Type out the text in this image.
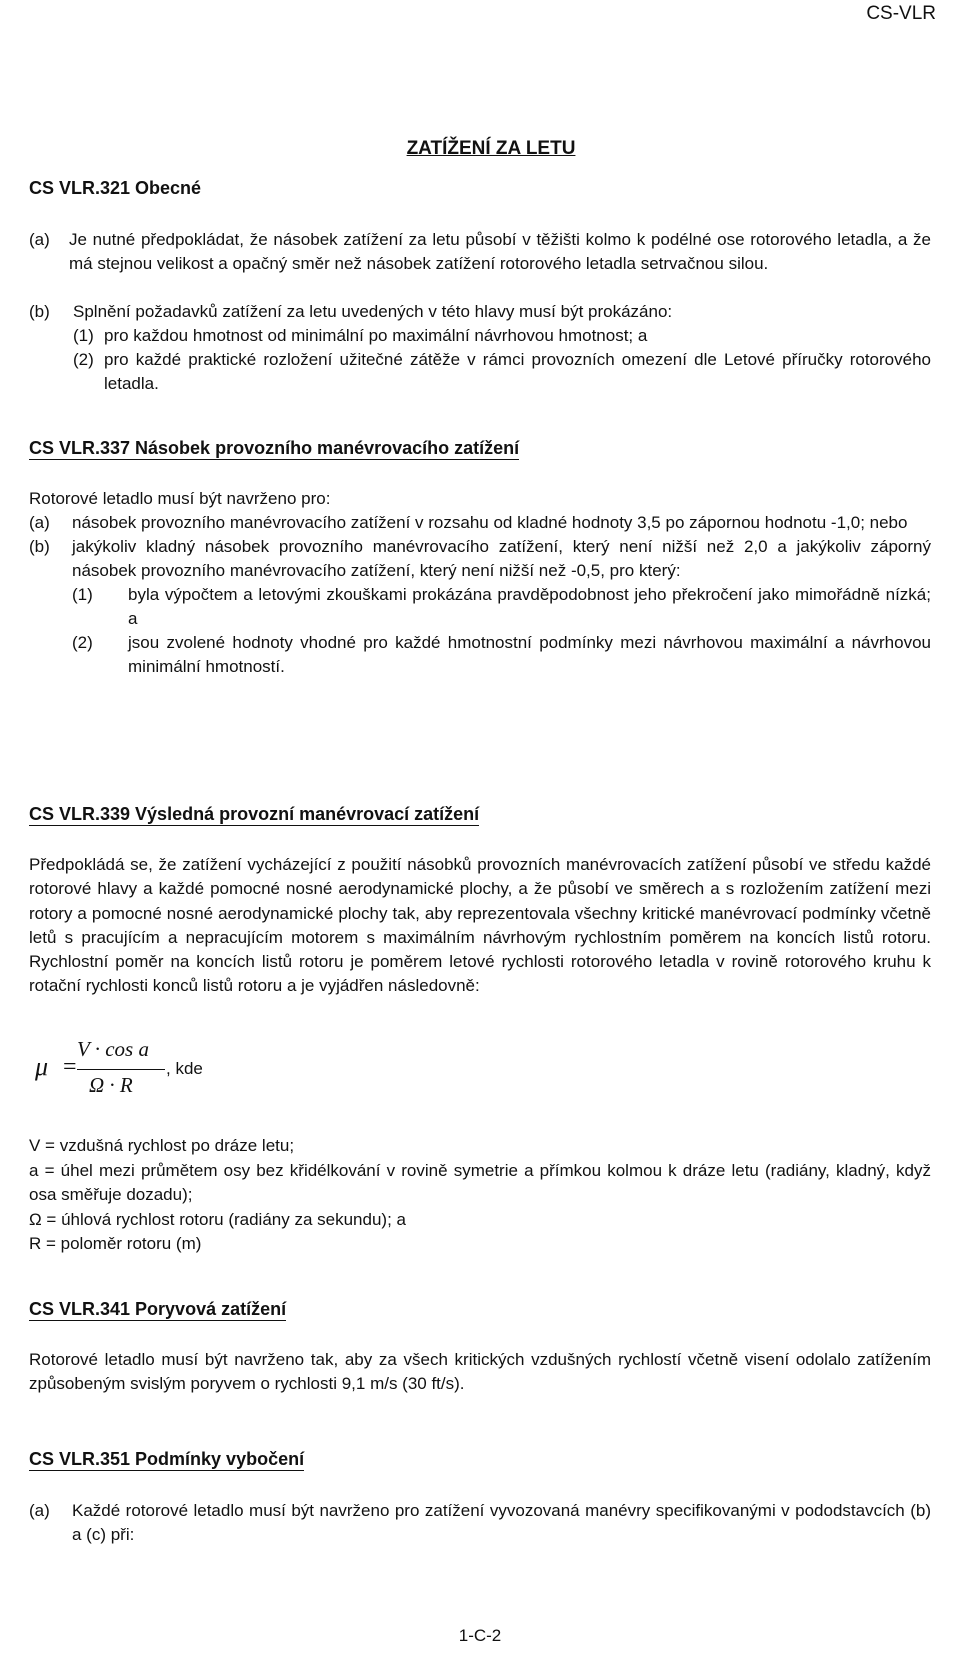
CS-VLR
ZATÍŽENÍ ZA LETU
CS VLR.321 Obecné
(a)	Je nutné předpokládat, že násobek zatížení za letu působí v těžišti kolmo k podélné ose rotorového letadla, a že má stejnou velikost a opačný směr než násobek zatížení rotorového letadla setrvačnou silou.
(b)	Splnění požadavků zatížení za letu uvedených v této hlavy musí být prokázáno:
(1) pro každou hmotnost od minimální po maximální návrhovou hmotnost; a
(2) pro každé praktické rozložení užitečné zátěže v rámci provozních omezení dle Letové příručky rotorového letadla.
CS VLR.337 Násobek provozního manévrovacího zatížení

Rotorové letadlo musí být navrženo pro:

(a)	násobek provozního manévrovacího zatížení v rozsahu od kladné hodnoty 3,5 po zápornou hodnotu -1,0; nebo
(b)	jakýkoliv kladný násobek provozního manévrovacího zatížení, který není nižší než 2,0 a jakýkoliv záporný násobek provozního manévrovacího zatížení, který není nižší než -0,5, pro který:
(1)	byla výpočtem a letovými zkouškami prokázána pravděpodobnost jeho překročení jako mimořádně nízká; a
(2)	jsou zvolené hodnoty vhodné pro každé hmotnostní podmínky mezi návrhovou maximální a návrhovou minimální hmotností.
CS VLR.339 Výsledná provozní manévrovací zatížení
Předpokládá se, že zatížení vycházející z použití násobků provozních manévrovacích zatížení působí ve středu každé rotorové hlavy a každé pomocné nosné aerodynamické plochy, a že působí ve směrech a s rozložením zatížení mezi rotory a pomocné nosné aerodynamické plochy tak, aby reprezentovala všechny kritické manévrovací podmínky včetně letů s pracujícím a nepracujícím motorem s maximálním návrhovým rychlostním poměrem na koncích listů rotoru. Rychlostní poměr na koncích listů rotoru je poměrem letové rychlosti rotorového letadla v rovině rotorového kruhu k rotační rychlosti konců listů rotoru a je vyjádřen následovně:
μ =
V · cos a
Ω · R
, kde

V = vzdušná rychlost po dráze letu;

a = úhel mezi průmětem osy bez křidélkování v rovině symetrie a přímkou kolmou k dráze letu (radiány, kladný, když osa směřuje dozadu);

Ω = úhlová rychlost rotoru (radiány za sekundu); a

R = poloměr rotoru (m)

CS VLR.341 Poryvová zatížení
Rotorové letadlo musí být navrženo tak, aby za všech kritických vzdušných rychlostí včetně visení odolalo zatížením způsobeným svislým poryvem o rychlosti 9,1 m/s (30 ft/s).
CS VLR.351 Podmínky vybočení
(a)	Každé rotorové letadlo musí být navrženo pro zatížení vyvozovaná manévry specifikovanými v pododstavcích (b) a (c) při:
1-C-2
